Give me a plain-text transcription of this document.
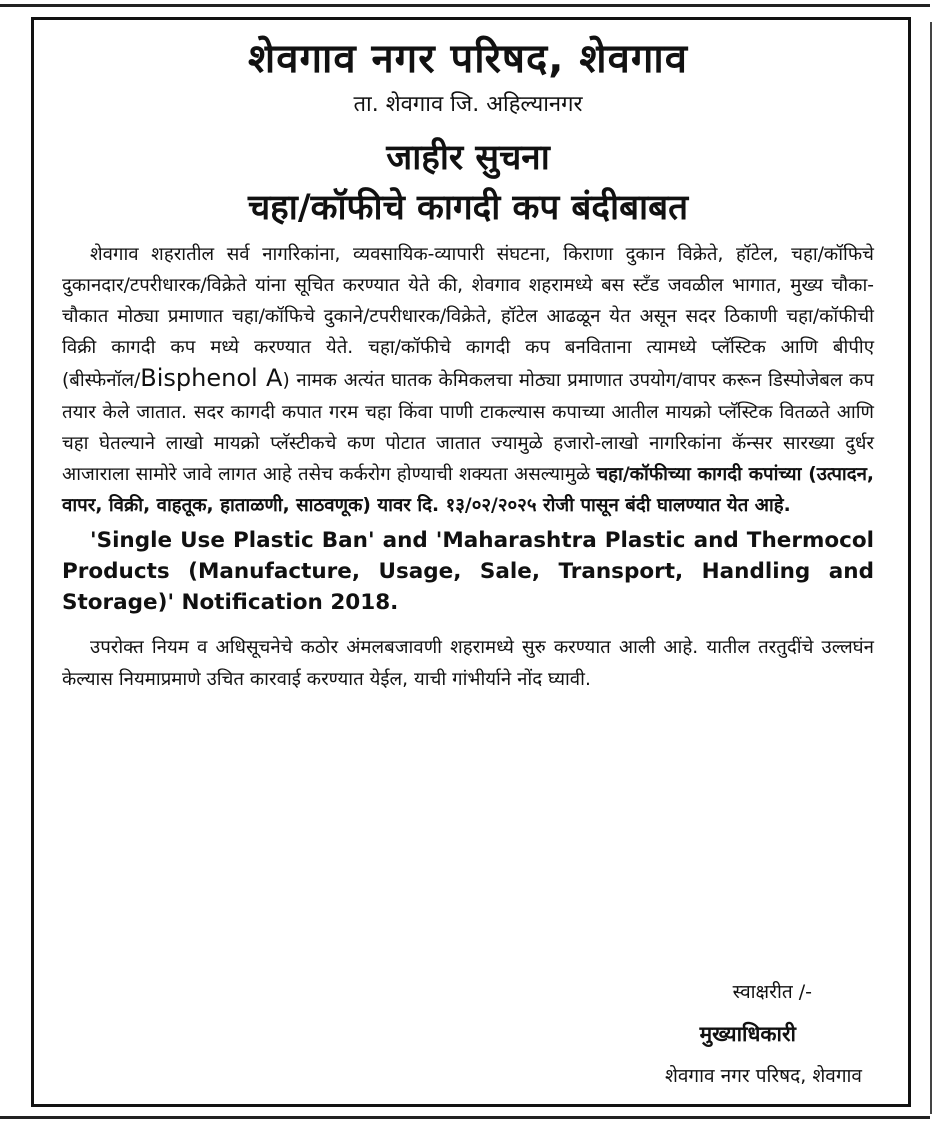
शेवगाव नगर परिषद, शेवगाव
ता. शेवगाव जि. अहिल्यानगर
जाहीर सुचना
चहा/कॉफीचे कागदी कप बंदीबाबत

शेवगाव शहरातील सर्व नागरिकांना, व्यवसायिक-व्यापारी संघटना, किराणा दुकान विक्रेते, हॉटेल, चहा/कॉफिचे दुकानदार/टपरीधारक/विक्रेते यांना सूचित करण्यात येते की, शेवगाव शहरामध्ये बस स्टँड जवळील भागात, मुख्य चौका-चौकात मोठ्या प्रमाणात चहा/कॉफिचे दुकाने/टपरीधारक/विक्रेते, हॉटेल आढळून येत असून सदर ठिकाणी चहा/कॉफीची विक्री कागदी कप मध्ये करण्यात येते. चहा/कॉफीचे कागदी कप बनविताना त्यामध्ये प्लॅस्टिक आणि बीपीए (बीस्फेनॉल/Bisphenol A) नामक अत्यंत घातक केमिकलचा मोठ्या प्रमाणात उपयोग/वापर करून डिस्पोजेबल कप तयार केले जातात. सदर कागदी कपात गरम चहा किंवा पाणी टाकल्यास कपाच्या आतील मायक्रो प्लॅस्टिक वितळते आणि चहा घेतल्याने लाखो मायक्रो प्लॅस्टीकचे कण पोटात जातात ज्यामुळे हजारो-लाखो नागरिकांना कॅन्सर सारख्या दुर्धर आजाराला सामोरे जावे लागत आहे तसेच कर्करोग होण्याची शक्यता असल्यामुळे चहा/कॉफीच्या कागदी कपांच्या (उत्पादन, वापर, विक्री, वाहतूक, हाताळणी, साठवणूक) यावर दि. १३/०२/२०२५ रोजी पासून बंदी घालण्यात येत आहे.

'Single Use Plastic Ban' and 'Maharashtra Plastic and Thermocol Products (Manufacture, Usage, Sale, Transport, Handling and Storage)' Notification 2018.
उपरोक्त नियम व अधिसूचनेचे कठोर अंमलबजावणी शहरामध्ये सुरु करण्यात आली आहे. यातील तरतुदींचे उल्लघंन केल्यास नियमाप्रमाणे उचित कारवाई करण्यात येईल, याची गांभीर्याने नोंद घ्यावी.
स्वाक्षरीत /-
मुख्याधिकारी
शेवगाव नगर परिषद, शेवगाव
